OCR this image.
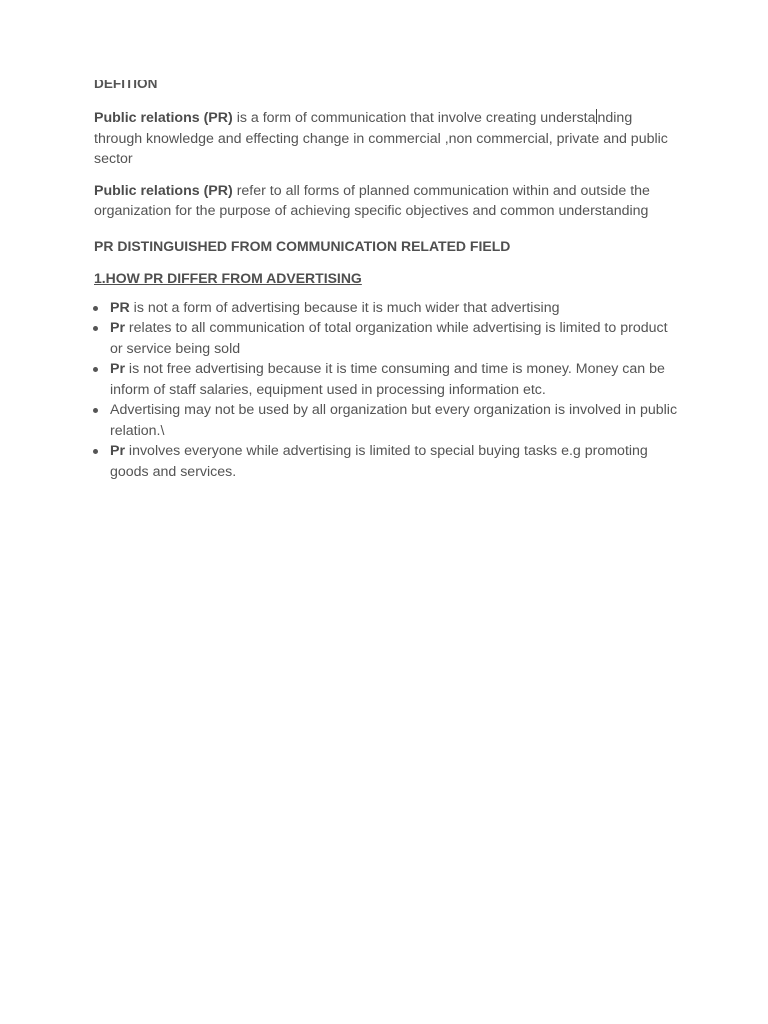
DEFITION

Public relations (PR) is a form of communication that involve creating understa nding through knowledge and effecting change in commercial ,non commercial, private and public sector

Public relations (PR) refer to all forms of planned communication within and outside the organization for the purpose of achieving specific objectives and common understanding

PR DISTINGUISHED FROM COMMUNICATION RELATED FIELD
1.HOW PR DIFFER FROM ADVERTISING
PR is not a form of advertising because it is much wider that advertising
Pr relates to all communication of total organization while advertising is limited to product or service being sold
Pr is not free advertising because it is time consuming and time is money. Money can be inform of staff salaries, equipment used in processing information etc.
Advertising may not be used by all organization but every organization is involved in public relation.\
Pr involves everyone while advertising is limited to special buying tasks e.g promoting goods and services.
